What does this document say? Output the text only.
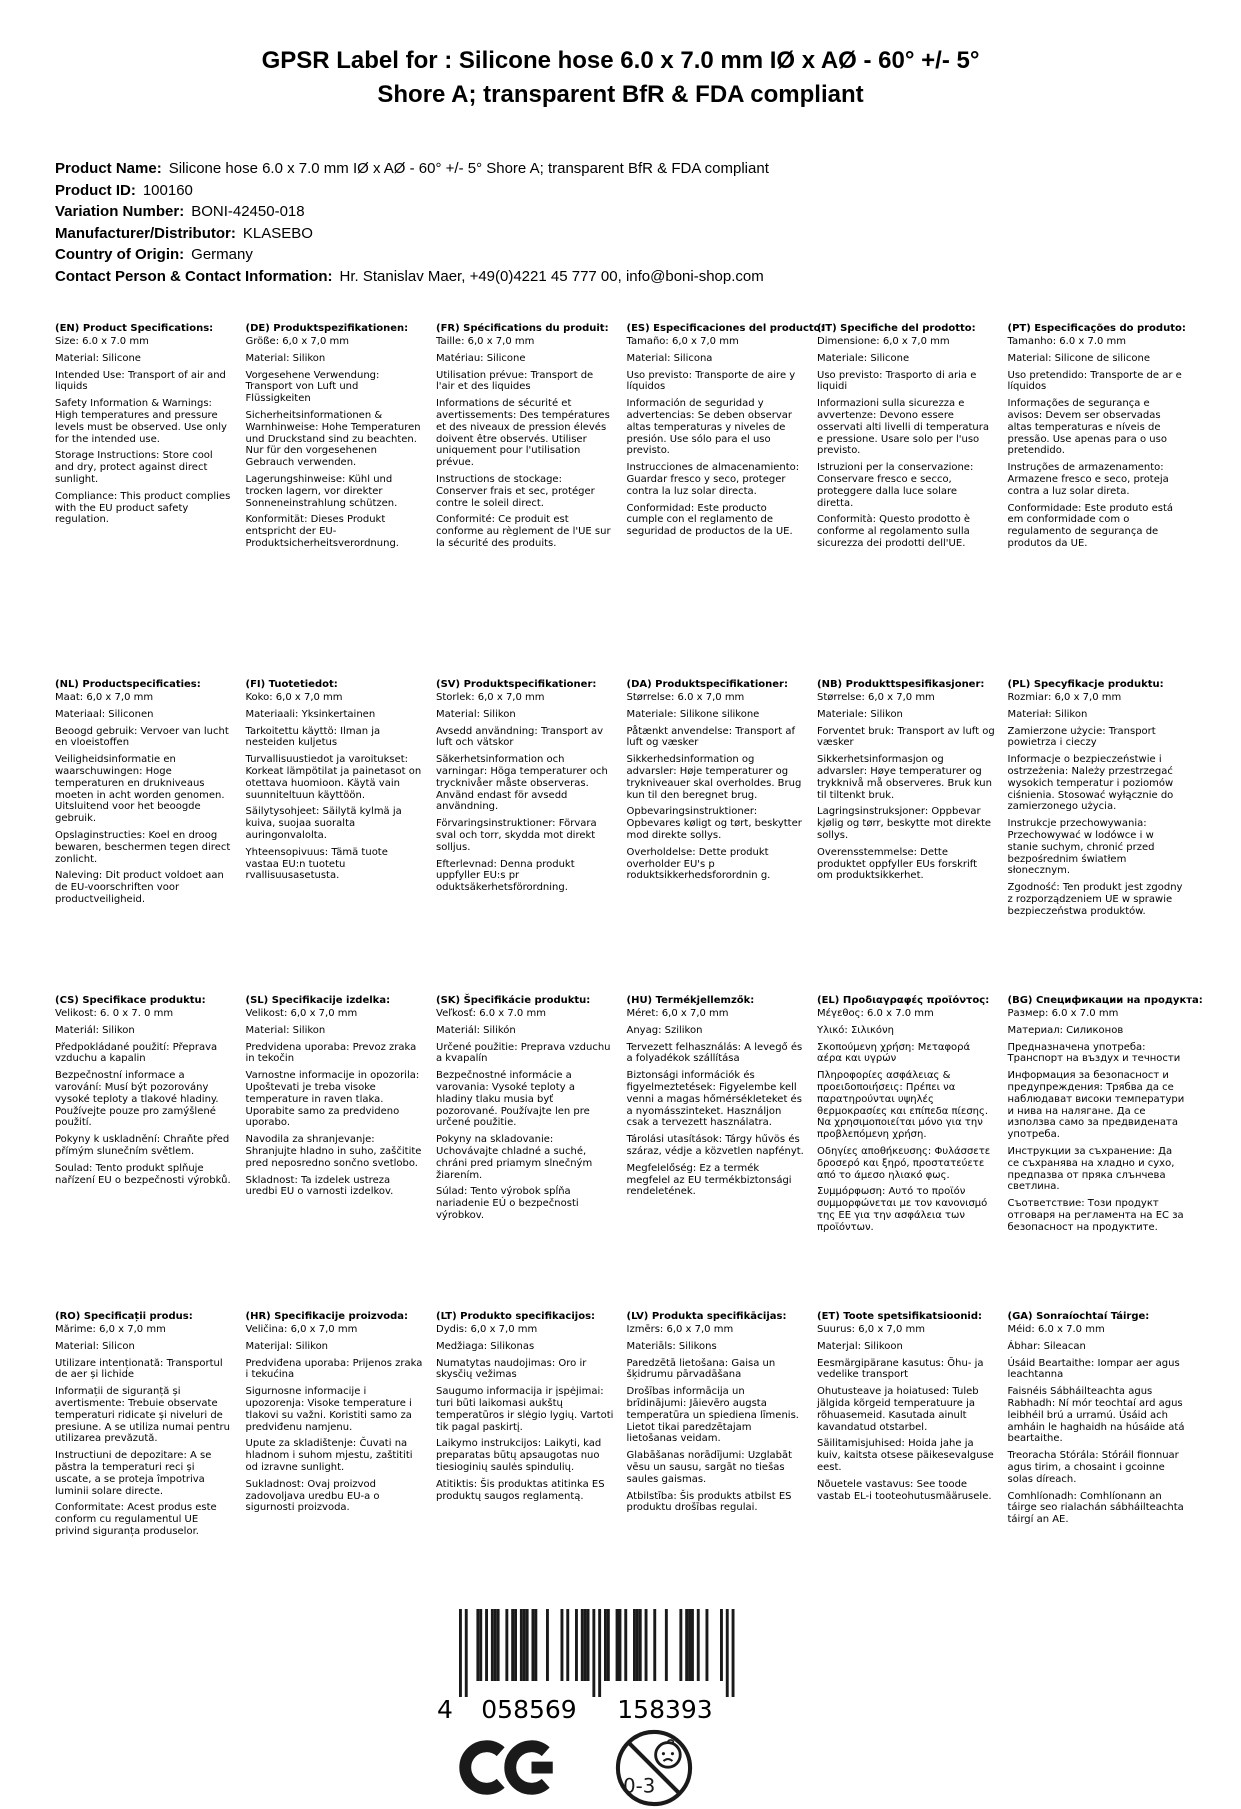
GPSR Label for : Silicone hose 6.0 x 7.0 mm IØ x AØ - 60° +/- 5°
Shore A; transparent BfR & FDA compliant
Product Name: Silicone hose 6.0 x 7.0 mm IØ x AØ - 60° +/- 5° Shore A; transparent BfR & FDA compliant
Product ID: 100160
Variation Number: BONI-42450-018
Manufacturer/Distributor: KLASEBO
Country of Origin: Germany
Contact Person & Contact Information: Hr. Stanislav Maer, +49(0)4221 45 777 00, info@boni-shop.com
(EN) Product Specifications:

Size: 6.0 x 7.0 mm

Material: Silicone

Intended Use: Transport of air and liquids

Safety Information & Warnings: High temperatures and pressure levels must be observed. Use only for the intended use.

Storage Instructions: Store cool and dry, protect against direct sunlight.

Compliance: This product complies with the EU product safety regulation.

(DE) Produktspezifikationen:

Größe: 6,0 x 7,0 mm

Material: Silikon

Vorgesehene Verwendung: Transport von Luft und Flüssigkeiten

Sicherheitsinformationen & Warnhinweise: Hohe Temperaturen und Druckstand sind zu beachten. Nur für den vorgesehenen Gebrauch verwenden.

Lagerungshinweise: Kühl und trocken lagern, vor direkter Sonneneinstrahlung schützen.

Konformität: Dieses Produkt entspricht der EU-Produktsicherheitsverordnung.

(FR) Spécifications du produit:

Taille: 6,0 x 7,0 mm

Matériau: Silicone

Utilisation prévue: Transport de l'air et des liquides

Informations de sécurité et avertissements: Des températures et des niveaux de pression élevés doivent être observés. Utiliser uniquement pour l'utilisation prévue.

Instructions de stockage: Conserver frais et sec, protéger contre le soleil direct.

Conformité: Ce produit est conforme au règlement de l'UE sur la sécurité des produits.

(ES) Especificaciones del producto:

Tamaño: 6,0 x 7,0 mm

Material: Silicona

Uso previsto: Transporte de aire y líquidos

Información de seguridad y advertencias: Se deben observar altas temperaturas y niveles de presión. Use sólo para el uso previsto.

Instrucciones de almacenamiento: Guardar fresco y seco, proteger contra la luz solar directa.

Conformidad: Este producto cumple con el reglamento de seguridad de productos de la UE.

(IT) Specifiche del prodotto:

Dimensione: 6,0 x 7,0 mm

Materiale: Silicone

Uso previsto: Trasporto di aria e liquidi

Informazioni sulla sicurezza e avvertenze: Devono essere osservati alti livelli di temperatura e pressione. Usare solo per l'uso previsto.

Istruzioni per la conservazione: Conservare fresco e secco, proteggere dalla luce solare diretta.

Conformità: Questo prodotto è conforme al regolamento sulla sicurezza dei prodotti dell'UE.

(PT) Especificações do produto:

Tamanho: 6.0 x 7.0 mm

Material: Silicone de silicone

Uso pretendido: Transporte de ar e líquidos

Informações de segurança e avisos: Devem ser observadas altas temperaturas e níveis de pressão. Use apenas para o uso pretendido.

Instruções de armazenamento: Armazene fresco e seco, proteja contra a luz solar direta.

Conformidade: Este produto está em conformidade com o regulamento de segurança de produtos da UE.

(NL) Productspecificaties:

Maat: 6,0 x 7,0 mm

Materiaal: Siliconen

Beoogd gebruik: Vervoer van lucht en vloeistoffen

Veiligheidsinformatie en waarschuwingen: Hoge temperaturen en drukniveaus moeten in acht worden genomen. Uitsluitend voor het beoogde gebruik.

Opslaginstructies: Koel en droog bewaren, beschermen tegen direct zonlicht.

Naleving: Dit product voldoet aan de EU-voorschriften voor productveiligheid.

(FI) Tuotetiedot:

Koko: 6,0 x 7,0 mm

Materiaali: Yksinkertainen

Tarkoitettu käyttö: Ilman ja nesteiden kuljetus

Turvallisuustiedot ja varoitukset: Korkeat lämpötilat ja painetasot on otettava huomioon. Käytä vain suunniteltuun käyttöön.

Säilytysohjeet: Säilytä kylmä ja kuiva, suojaa suoralta auringonvalolta.

Yhteensopivuus: Tämä tuote vastaa EU:n tuotetu rvallisuusasetusta.

(SV) Produktspecifikationer:

Storlek: 6,0 x 7,0 mm

Material: Silikon

Avsedd användning: Transport av luft och vätskor

Säkerhetsinformation och varningar: Höga temperaturer och trycknivåer måste observeras. Använd endast för avsedd användning.

Förvaringsinstruktioner: Förvara sval och torr, skydda mot direkt solljus.

Efterlevnad: Denna produkt uppfyller EU:s pr oduktsäkerhetsförordning.

(DA) Produktspecifikationer:

Størrelse: 6.0 x 7,0 mm

Materiale: Silikone silikone

Påtænkt anvendelse: Transport af luft og væsker

Sikkerhedsinformation og advarsler: Høje temperaturer og trykniveauer skal overholdes. Brug kun til den beregnet brug.

Opbevaringsinstruktioner: Opbevares køligt og tørt, beskytter mod direkte sollys.

Overholdelse: Dette produkt overholder EU's p roduktsikkerhedsforordnin g.

(NB) Produkttspesifikasjoner:

Størrelse: 6,0 x 7,0 mm

Materiale: Silikon

Forventet bruk: Transport av luft og væsker

Sikkerhetsinformasjon og advarsler: Høye temperaturer og trykknivå må observeres. Bruk kun til tiltenkt bruk.

Lagringsinstruksjoner: Oppbevar kjølig og tørr, beskytte mot direkte sollys.

Overensstemmelse: Dette produktet oppfyller EUs forskrift om produktsikkerhet.

(PL) Specyfikacje produktu:

Rozmiar: 6,0 x 7,0 mm

Materiał: Silikon

Zamierzone użycie: Transport powietrza i cieczy

Informacje o bezpieczeństwie i ostrzeżenia: Należy przestrzegać wysokich temperatur i poziomów ciśnienia. Stosować wyłącznie do zamierzonego użycia.

Instrukcje przechowywania: Przechowywać w lodówce i w stanie suchym, chronić przed bezpośrednim światłem słonecznym.

Zgodność: Ten produkt jest zgodny z rozporządzeniem UE w sprawie bezpieczeństwa produktów.

(CS) Specifikace produktu:

Velikost: 6. 0 x 7. 0 mm

Materiál: Silikon

Předpokládané použití: Přeprava vzduchu a kapalin

Bezpečnostní informace a varování: Musí být pozorovány vysoké teploty a tlakové hladiny. Používejte pouze pro zamýšlené použití.

Pokyny k uskladnění: Chraňte před přímým slunečním světlem.

Soulad: Tento produkt splňuje nařízení EU o bezpečnosti výrobků.

(SL) Specifikacije izdelka:

Velikost: 6,0 x 7,0 mm

Material: Silikon

Predvidena uporaba: Prevoz zraka in tekočin

Varnostne informacije in opozorila: Upoštevati je treba visoke temperature in raven tlaka. Uporabite samo za predvideno uporabo.

Navodila za shranjevanje: Shranjujte hladno in suho, zaščitite pred neposredno sončno svetlobo.

Skladnost: Ta izdelek ustreza uredbi EU o varnosti izdelkov.

(SK) Špecifikácie produktu:

Veľkosť: 6.0 x 7.0 mm

Materiál: Silikón

Určené použitie: Preprava vzduchu a kvapalín

Bezpečnostné informácie a varovania: Vysoké teploty a hladiny tlaku musia byť pozorované. Používajte len pre určené použitie.

Pokyny na skladovanie: Uchovávajte chladné a suché, chráni pred priamym slnečným žiarením.

Súlad: Tento výrobok spĺňa nariadenie EÚ o bezpečnosti výrobkov.

(HU) Termékjellemzők:

Méret: 6,0 x 7,0 mm

Anyag: Szilikon

Tervezett felhasználás: A levegő és a folyadékok szállítása

Biztonsági információk és figyelmeztetések: Figyelembe kell venni a magas hőmérsékleteket és a nyomásszinteket. Használjon csak a tervezett használatra.

Tárolási utasítások: Tárgy hűvös és száraz, védje a közvetlen napfényt.

Megfelelőség: Ez a termék megfelel az EU termékbiztonsági rendeletének.

(EL) Προδιαγραφές προϊόντος:

Μέγεθος: 6.0 x 7.0 mm

Υλικό: Σιλικόνη

Σκοπούμενη χρήση: Μεταφορά αέρα και υγρών

Πληροφορίες ασφάλειας & προειδοποιήσεις: Πρέπει να παρατηρούνται υψηλές θερμοκρασίες και επίπεδα πίεσης. Να χρησιμοποιείται μόνο για την προβλεπόμενη χρήση.

Οδηγίες αποθήκευσης: Φυλάσσετε δροσερό και ξηρό, προστατεύετε από το άμεσο ηλιακό φως.

Συμμόρφωση: Αυτό το προϊόν συμμορφώνεται με τον κανονισμό της ΕΕ για την ασφάλεια των προϊόντων.

(BG) Спецификации на продукта:

Размер: 6.0 x 7.0 mm

Материал: Силиконов

Предназначена употреба: Транспорт на въздух и течности

Информация за безопасност и предупреждения: Трябва да се наблюдават високи температури и нива на налягане. Да се използва само за предвидената употреба.

Инструкции за съхранение: Да се съхранява на хладно и сухо, предпазва от пряка слънчева светлина.

Съответствие: Този продукт отговаря на регламента на ЕС за безопасност на продуктите.

(RO) Specificații produs:

Mărime: 6,0 x 7,0 mm

Material: Silicon

Utilizare intenționată: Transportul de aer și lichide

Informații de siguranță și avertismente: Trebuie observate temperaturi ridicate și niveluri de presiune. A se utiliza numai pentru utilizarea prevăzută.

Instructiuni de depozitare: A se păstra la temperaturi reci și uscate, a se proteja împotriva luminii solare directe.

Conformitate: Acest produs este conform cu regulamentul UE privind siguranța produselor.

(HR) Specifikacije proizvoda:

Veličina: 6,0 x 7,0 mm

Materijal: Silikon

Predviđena uporaba: Prijenos zraka i tekućina

Sigurnosne informacije i upozorenja: Visoke temperature i tlakovi su važni. Koristiti samo za predviđenu namjenu.

Upute za skladištenje: Čuvati na hladnom i suhom mjestu, zaštititi od izravne sunlight.

Sukladnost: Ovaj proizvod zadovoljava uredbu EU-a o sigurnosti proizvoda.

(LT) Produkto specifikacijos:

Dydis: 6,0 x 7,0 mm

Medžiaga: Silikonas

Numatytas naudojimas: Oro ir skysčių vežimas

Saugumo informacija ir įspėjimai: turi būti laikomasi aukštų temperatūros ir slėgio lygių. Vartoti tik pagal paskirtį.

Laikymo instrukcijos: Laikyti, kad preparatas būtų apsaugotas nuo tiesioginių saulės spindulių.

Atitiktis: Šis produktas atitinka ES produktų saugos reglamentą.

(LV) Produkta specifikācijas:

Izmērs: 6,0 x 7,0 mm

Materiāls: Silikons

Paredzētā lietošana: Gaisa un šķidrumu pārvadāšana

Drošības informācija un brīdinājumi: Jāievēro augsta temperatūra un spiediena līmenis. Lietot tikai paredzētajam lietošanas veidam.

Glabāšanas norādījumi: Uzglabāt vēsu un sausu, sargāt no tiešas saules gaismas.

Atbilstība: Šis produkts atbilst ES produktu drošības regulai.

(ET) Toote spetsifikatsioonid:

Suurus: 6,0 x 7,0 mm

Materjal: Silikoon

Eesmärgipärane kasutus: Õhu- ja vedelike transport

Ohutusteave ja hoiatused: Tuleb jälgida kõrgeid temperatuure ja rõhuasemeid. Kasutada ainult kavandatud otstarbel.

Säilitamisjuhised: Hoida jahe ja kuiv, kaitsta otsese päikesevalguse eest.

Nõuetele vastavus: See toode vastab EL-i tooteohutusmäärusele.

(GA) Sonraíochtaí Táirge:

Méid: 6.0 x 7.0 mm

Ábhar: Sileacan

Úsáid Beartaithe: Iompar aer agus leachtanna

Faisnéis Sábháilteachta agus Rabhadh: Ní mór teochtaí ard agus leibhéil brú a urramú. Úsáid ach amháin le haghaidh na húsáide atá beartaithe.

Treoracha Stórála: Stóráil fionnuar agus tirim, a chosaint i gcoinne solas díreach.

Comhlíonadh: Comhlíonann an táirge seo rialachán sábháilteachta táirgí an AE.

4 058569 158393
0-3
